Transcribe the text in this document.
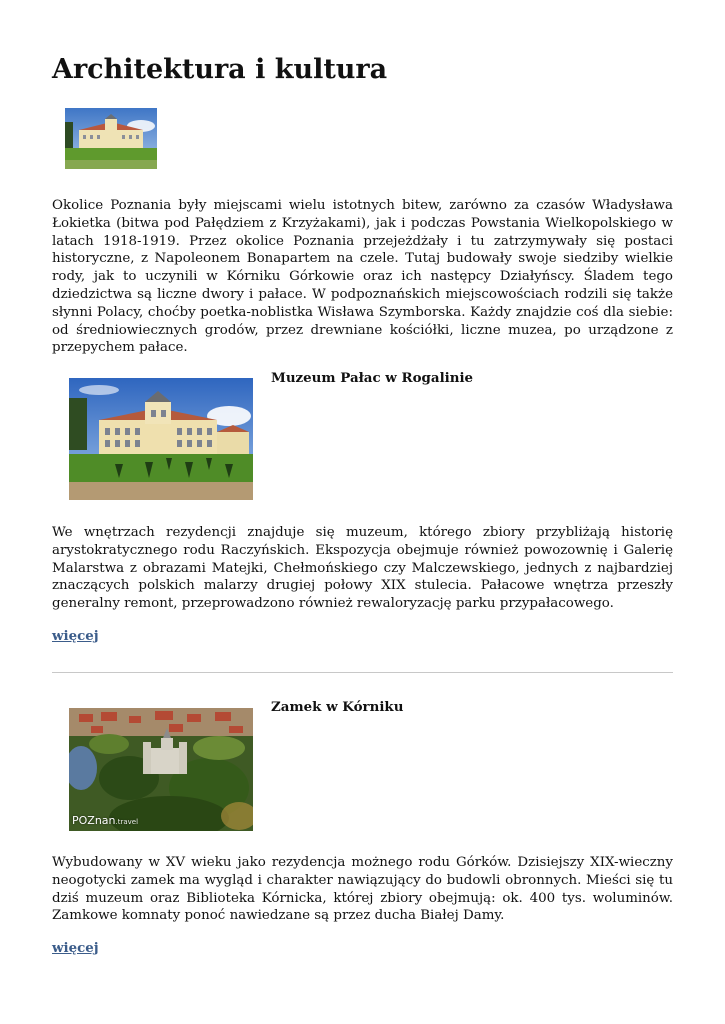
Architektura i kultura

Okolice Poznania były miejscami wielu istotnych bitew, zarówno za czasów Władysława Łokietka (bitwa pod Pałędziem z Krzyżakami), jak i podczas Powstania Wielkopolskiego w latach 1918-1919. Przez okolice Poznania przejeżdżały i tu zatrzymywały się postaci historyczne, z Napoleonem Bonapartem na czele. Tutaj budowały swoje siedziby wielkie rody, jak to uczynili w Kórniku Górkowie oraz ich następcy Działyńscy. Śladem tego dziedzictwa są liczne dwory i pałace. W podpoznańskich miejscowościach rodzili się także słynni Polacy, choćby poetka-noblistka Wisława Szymborska. Każdy znajdzie coś dla siebie: od średniowiecznych grodów, przez drewniane kościółki, liczne muzea, po urządzone z przepychem pałace.

Muzeum Pałac w Rogalinie

We wnętrzach rezydencji znajduje się muzeum, którego zbiory przybliżają historię arystokratycznego rodu Raczyńskich. Ekspozycja obejmuje również powozownię i Galerię Malarstwa z obrazami Matejki, Chełmońskiego czy Malczewskiego, jednych z najbardziej znaczących polskich malarzy drugiej połowy XIX stulecia. Pałacowe wnętrza przeszły generalny remont, przeprowadzono również rewaloryzację parku przypałacowego.

więcej
POZnan.travel
Zamek w Kórniku

Wybudowany w XV wieku jako rezydencja możnego rodu Górków. Dzisiejszy XIX-wieczny neogotycki zamek ma wygląd i charakter nawiązujący do budowli obronnych. Mieści się tu dziś muzeum oraz Biblioteka Kórnicka, której zbiory obejmują: ok. 400 tys. woluminów. Zamkowe komnaty ponoć nawiedzane są przez ducha Białej Damy.

więcej
